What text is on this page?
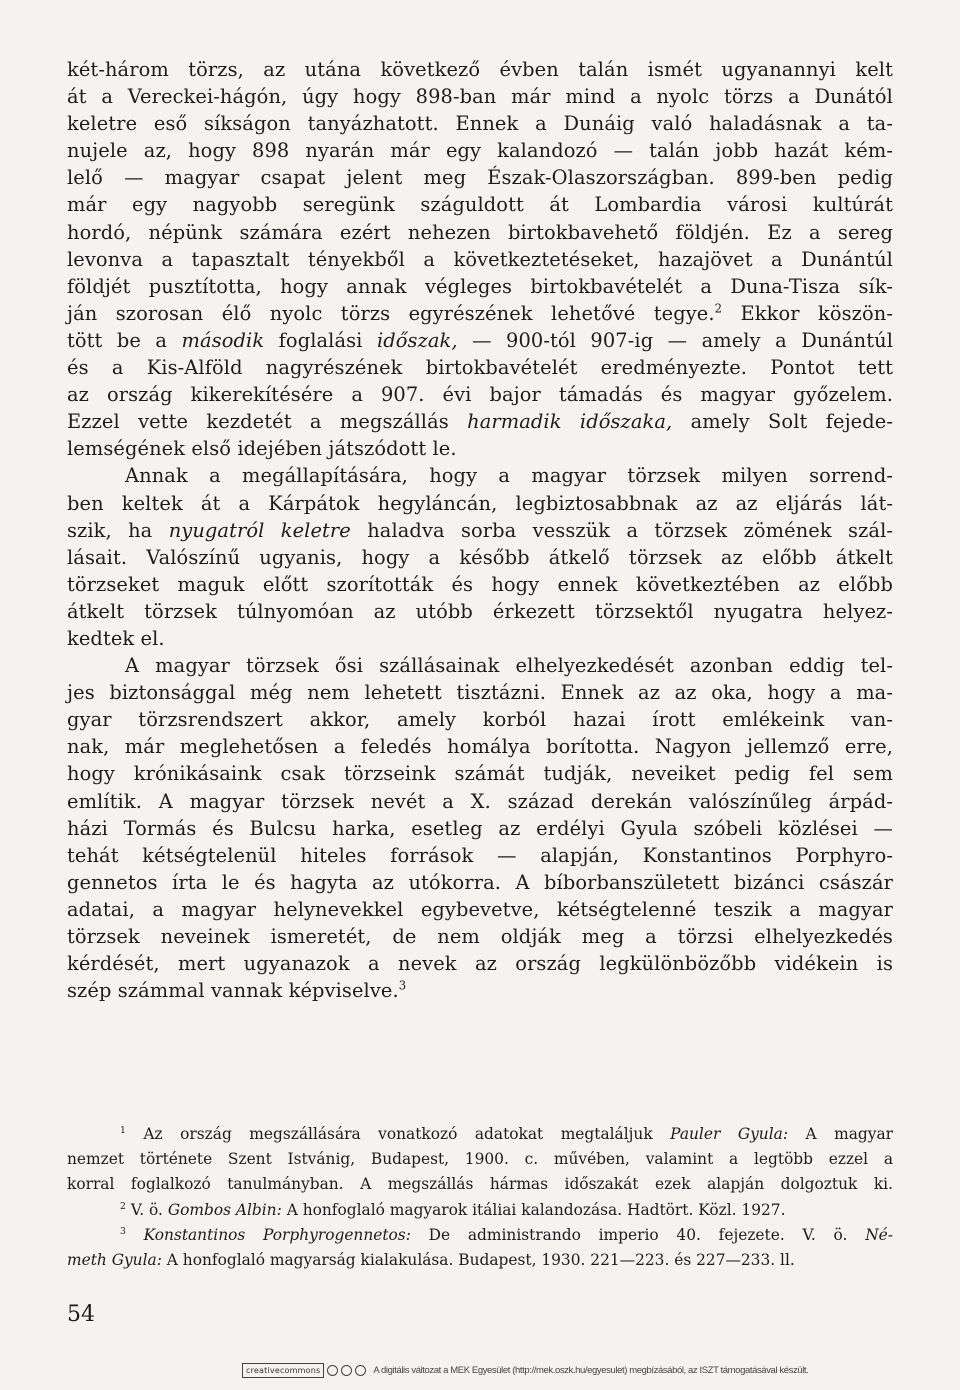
két-három törzs, az utána következő évben talán ismét ugyanannyi kelt
át a Vereckei-hágón, úgy hogy 898-ban már mind a nyolc törzs a Dunától
keletre eső síkságon tanyázhatott. Ennek a Dunáig való haladásnak a ta-
nujele az, hogy 898 nyarán már egy kalandozó — talán jobb hazát kém-
lelő — magyar csapat jelent meg Észak-Olaszországban. 899-ben pedig
már egy nagyobb seregünk száguldott át Lombardia városi kultúrát
hordó, népünk számára ezért nehezen birtokbavehető földjén. Ez a sereg
levonva a tapasztalt tényekből a következtetéseket, hazajövet a Dunántúl
földjét pusztította, hogy annak végleges birtokbavételét a Duna-Tisza sík-
ján szorosan élő nyolc törzs egyrészének lehetővé tegye.$^2$ Ekkor köszön-
tött be a második foglalási időszak, — 900-tól 907-ig — amely a Dunántúl
és a Kis-Alföld nagyrészének birtokbavételét eredményezte. Pontot tett
az ország kikerekítésére a 907. évi bajor támadás és magyar győzelem.
Ezzel vette kezdetét a megszállás harmadik időszaka, amely Solt fejede-
lemségének első idejében játszódott le.
Annak a megállapítására, hogy a magyar törzsek milyen sorrend-
ben keltek át a Kárpátok hegyláncán, legbiztosabbnak az az eljárás lát-
szik, ha nyugatról keletre haladva sorba vesszük a törzsek zömének szál-
lásait. Valószínű ugyanis, hogy a később átkelő törzsek az előbb átkelt
törzseket maguk előtt szorították és hogy ennek következtében az előbb
átkelt törzsek túlnyomóan az utóbb érkezett törzsektől nyugatra helyez-
kedtek el.
A magyar törzsek ősi szállásainak elhelyezkedését azonban eddig tel-
jes biztonsággal még nem lehetett tisztázni. Ennek az az oka, hogy a ma-
gyar törzsrendszert akkor, amely korból hazai írott emlékeink van-
nak, már meglehetősen a feledés homálya borította. Nagyon jellemző erre,
hogy krónikásaink csak törzseink számát tudják, neveiket pedig fel sem
említik. A magyar törzsek nevét a X. század derekán valószínűleg árpád-
házi Tormás és Bulcsu harka, esetleg az erdélyi Gyula szóbeli közlései —
tehát kétségtelenül hiteles források — alapján, Konstantinos Porphyro-
gennetos írta le és hagyta az utókorra. A bíborbanszületett bizánci császár
adatai, a magyar helynevekkel egybevetve, kétségtelenné teszik a magyar
törzsek neveinek ismeretét, de nem oldják meg a törzsi elhelyezkedés
kérdését, mert ugyanazok a nevek az ország legkülönbözőbb vidékein is
szép számmal vannak képviselve.$^3$
$^1$ Az ország megszállására vonatkozó adatokat megtaláljuk Pauler Gyula: A magyar
nemzet története Szent Istvánig, Budapest, 1900. c. művében, valamint a legtöbb ezzel a
korral foglalkozó tanulmányban. A megszállás hármas időszakát ezek alapján dolgoztuk ki.
$^2$ V. ö. Gombos Albin: A honfoglaló magyarok itáliai kalandozása. Hadtört. Közl. 1927.
$^3$ Konstantinos Porphyrogennetos: De administrando imperio 40. fejezete. V. ö. Né-
meth Gyula: A honfoglaló magyarság kialakulása. Budapest, 1930. 221—223. és 227—233. ll.
54
creativecommons	A digitális változat a MEK Egyesület (http://mek.oszk.hu/egyesulet) megbízásából, az ISZT támogatásával készült.
